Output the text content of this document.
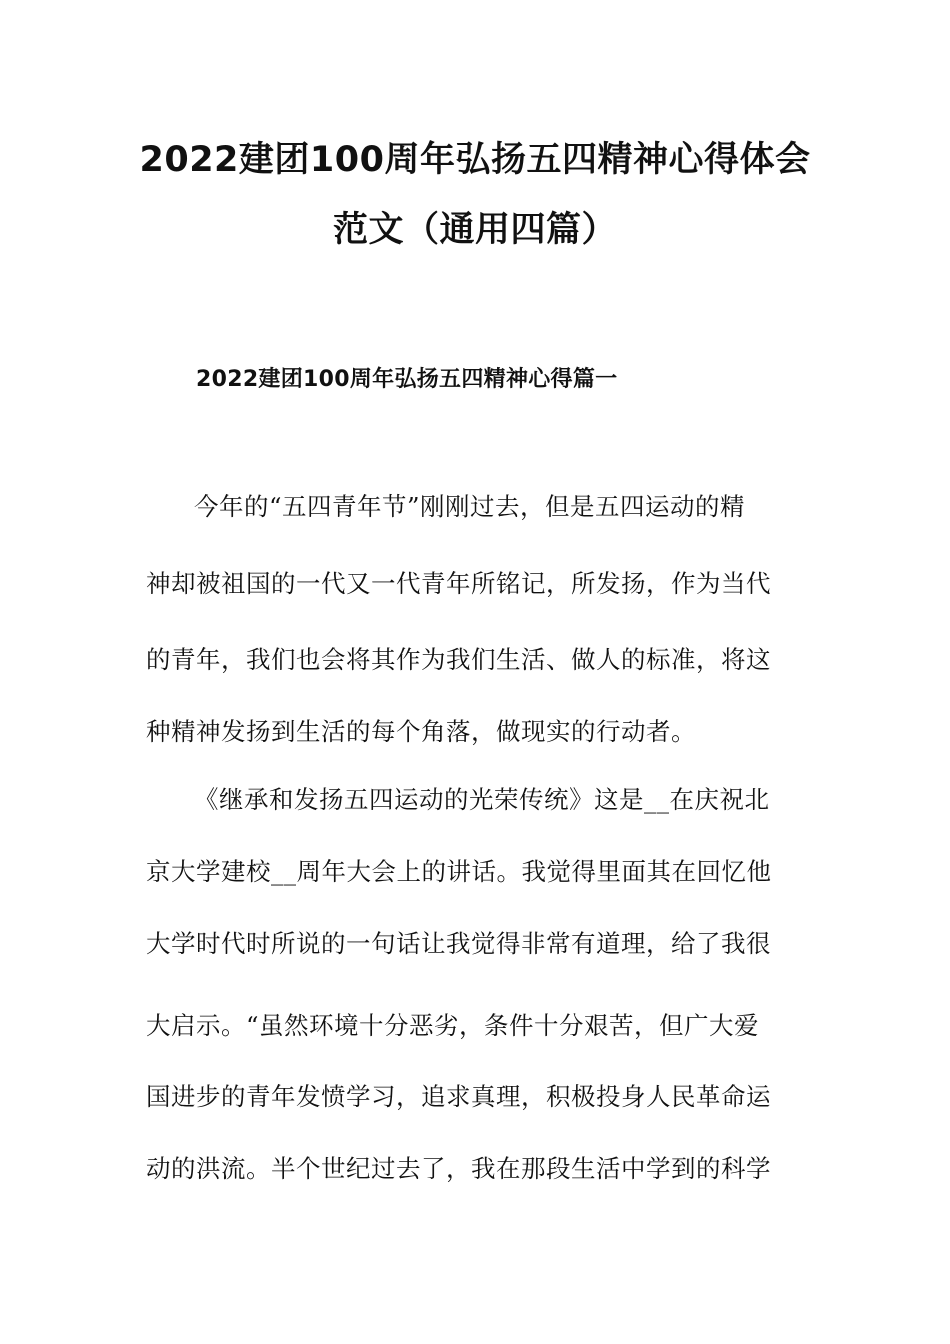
2022建团100周年弘扬五四精神心得体会
范文（通用四篇）
2022建团100周年弘扬五四精神心得篇一
今年的“五四青年节”刚刚过去，但是五四运动的精
神却被祖国的一代又一代青年所铭记，所发扬，作为当代
的青年，我们也会将其作为我们生活、做人的标准，将这
种精神发扬到生活的每个角落，做现实的行动者。
《继承和发扬五四运动的光荣传统》这是__在庆祝北
京大学建校__周年大会上的讲话。我觉得里面其在回忆他
大学时代时所说的一句话让我觉得非常有道理，给了我很
大启示。“虽然环境十分恶劣，条件十分艰苦，但广大爱
国进步的青年发愤学习，追求真理，积极投身人民革命运
动的洪流。半个世纪过去了，我在那段生活中学到的科学
